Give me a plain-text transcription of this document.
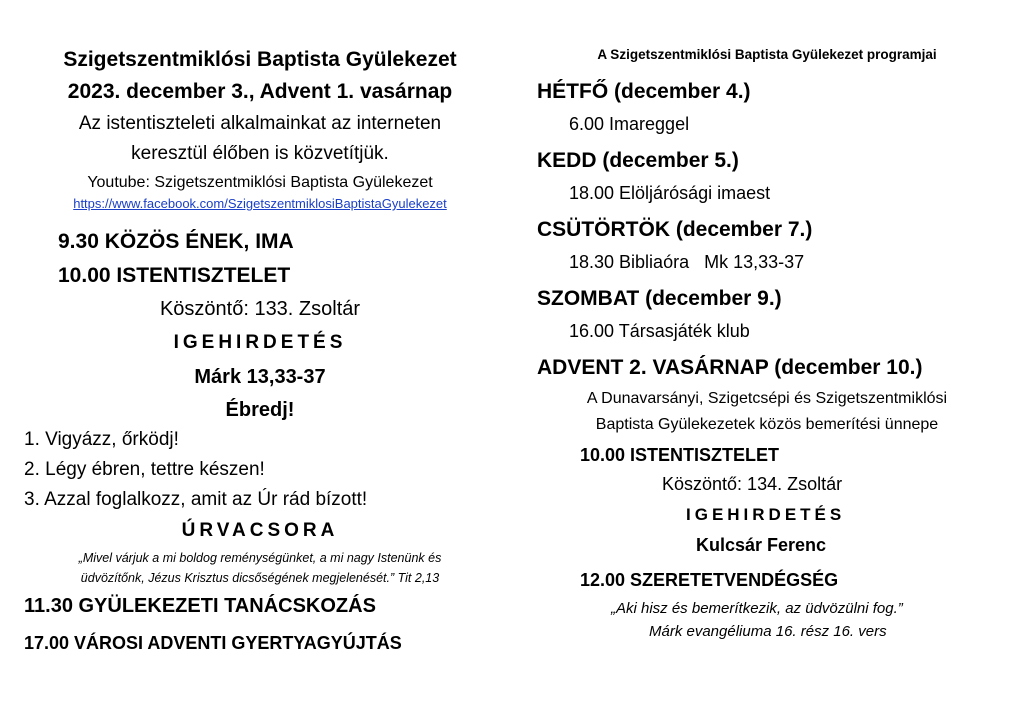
Szigetszentmiklósi Baptista Gyülekezet
2023. december 3., Advent 1. vasárnap
Az istentiszteleti alkalmainkat az interneten
keresztül élőben is közvetítjük.
Youtube: Szigetszentmiklósi Baptista Gyülekezet
https://www.facebook.com/SzigetszentmiklosiBaptistaGyulekezet
9.30 KÖZÖS ÉNEK, IMA
10.00 ISTENTISZTELET
Köszöntő: 133. Zsoltár
IGEHIRDETÉS
Márk 13,33-37
Ébredj!
1. Vigyázz, őrködj!
2. Légy ébren, tettre készen!
3. Azzal foglalkozz, amit az Úr rád bízott!
ÚRVACSORA
„Mivel várjuk a mi boldog reménységünket, a mi nagy Istenünk és
üdvözítőnk, Jézus Krisztus dicsőségének megjelenését.” Tit 2,13
11.30 GYÜLEKEZETI TANÁCSKOZÁS
17.00 VÁROSI ADVENTI GYERTYAGYÚJTÁS
A Szigetszentmiklósi Baptista Gyülekezet programjai
HÉTFŐ (december 4.)
6.00 Imareggel
KEDD (december 5.)
18.00 Elöljárósági imaest
CSÜTÖRTÖK (december 7.)
18.30 Bibliaóra   Mk 13,33-37
SZOMBAT (december 9.)
16.00 Társasjáték klub
ADVENT 2. VASÁRNAP (december 10.)
A Dunavarsányi, Szigetcsépi és Szigetszentmiklósi
Baptista Gyülekezetek közös bemerítési ünnepe
10.00 ISTENTISZTELET
Köszöntő: 134. Zsoltár
IGEHIRDETÉS
Kulcsár Ferenc
12.00 SZERETETVENDÉGSÉG
„Aki hisz és bemerítkezik, az üdvözülni fog.”
Márk evangéliuma 16. rész 16. vers
